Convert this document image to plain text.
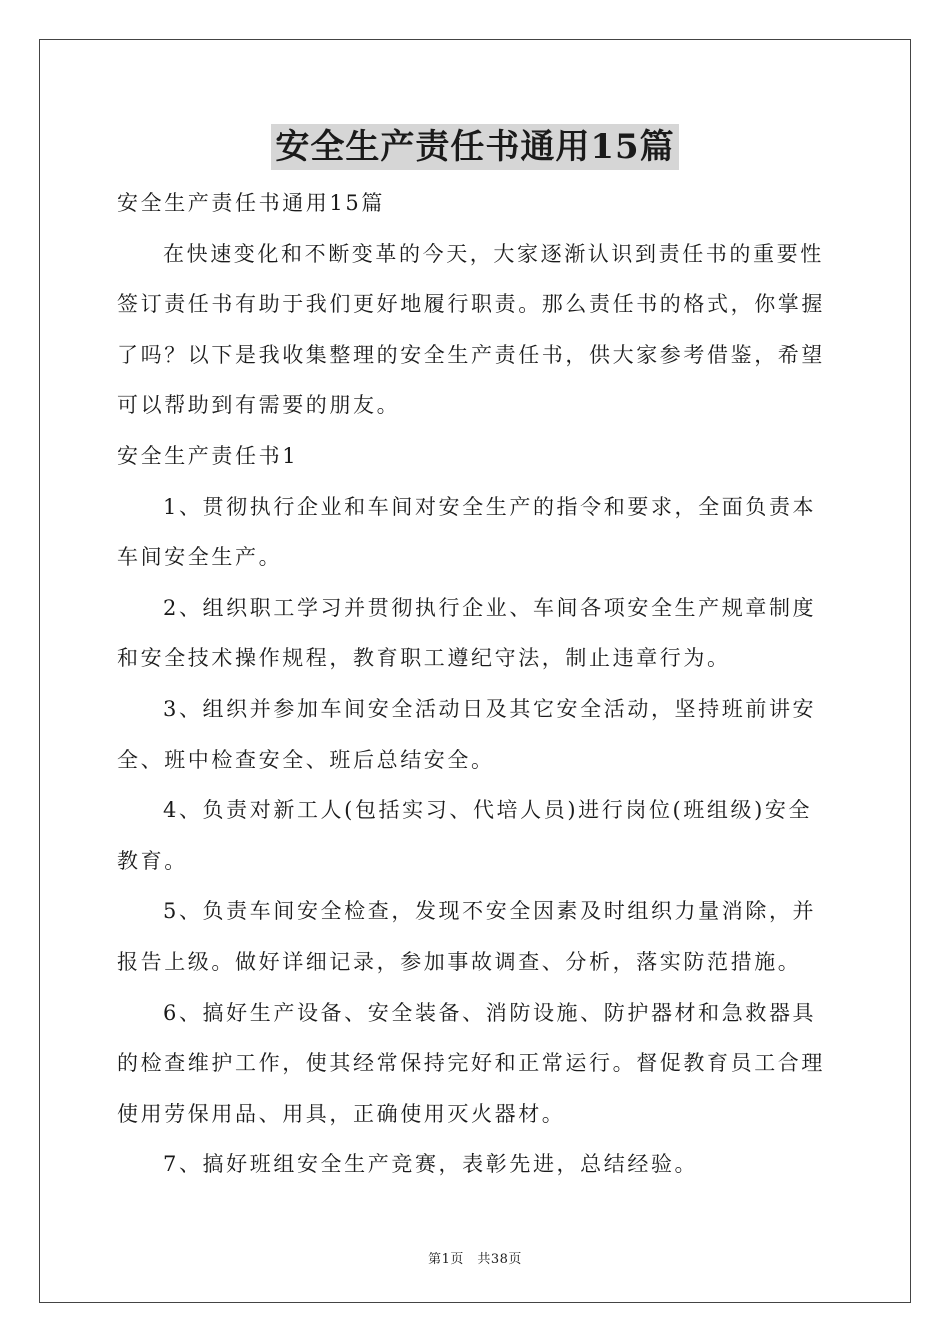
安全生产责任书通用15篇
安全生产责任书通用15篇
在快速变化和不断变革的今天，大家逐渐认识到责任书的重要性
签订责任书有助于我们更好地履行职责。那么责任书的格式，你掌握
了吗？以下是我收集整理的安全生产责任书，供大家参考借鉴，希望
可以帮助到有需要的朋友。
安全生产责任书1
1、贯彻执行企业和车间对安全生产的指令和要求，全面负责本
车间安全生产。
2、组织职工学习并贯彻执行企业、车间各项安全生产规章制度
和安全技术操作规程，教育职工遵纪守法，制止违章行为。
3、组织并参加车间安全活动日及其它安全活动，坚持班前讲安
全、班中检查安全、班后总结安全。
4、负责对新工人(包括实习、代培人员)进行岗位(班组级)安全
教育。
5、负责车间安全检查，发现不安全因素及时组织力量消除，并
报告上级。做好详细记录，参加事故调查、分析，落实防范措施。
6、搞好生产设备、安全装备、消防设施、防护器材和急救器具
的检查维护工作，使其经常保持完好和正常运行。督促教育员工合理
使用劳保用品、用具，正确使用灭火器材。
7、搞好班组安全生产竞赛，表彰先进，总结经验。
第1页　共38页
